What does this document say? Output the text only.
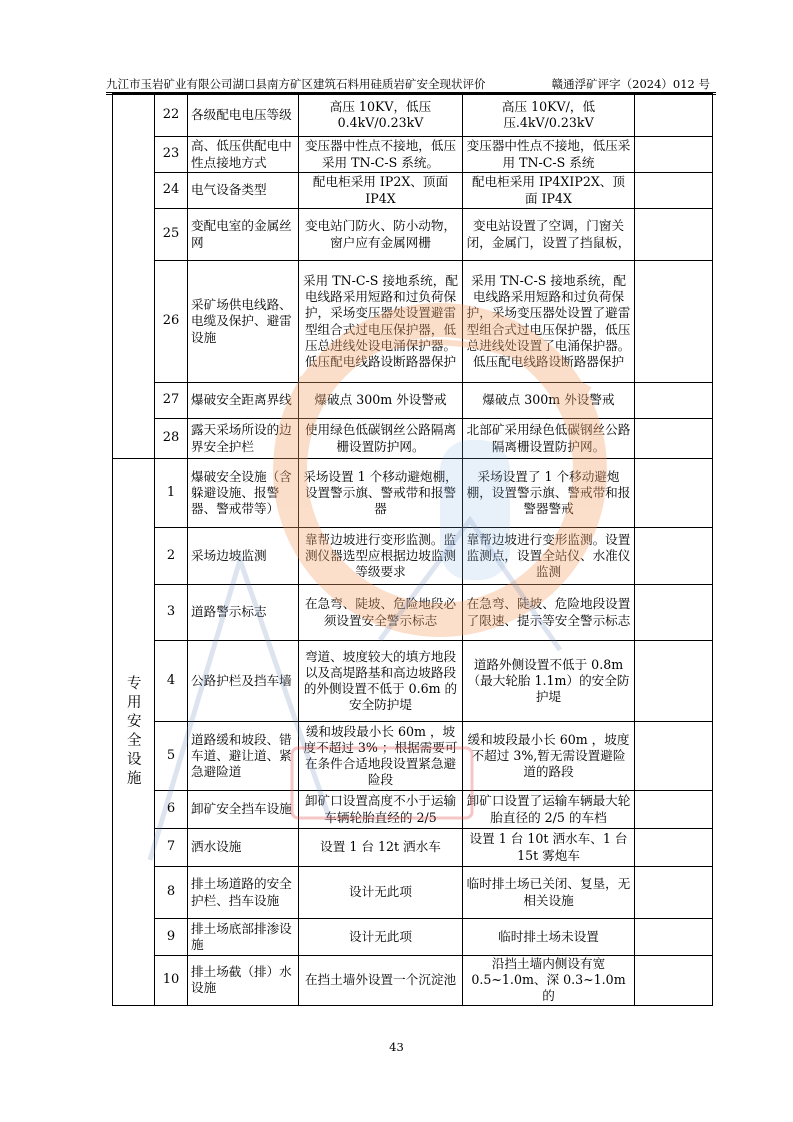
九江市玉岩矿业有限公司湖口县南方矿区建筑石料用硅质岩矿安全现状评价	赣通浮矿评字（2024）012 号
	22	各级配电电压等级	高压 10KV，低压 0.4kV/0.23kV	高压 10KV/，低压.4kV/0.23kV	
	23	高、低压供配电中性点接地方式	变压器中性点不接地，低压采用 TN-C-S 系统。	变压器中性点不接地，低压采用 TN-C-S 系统	
	24	电气设备类型	配电柜采用 IP2X、顶面 IP4X	配电柜采用 IP4XIP2X、顶面 IP4X	
	25	变配电室的金属丝网	变电站门防火、防小动物，窗户应有金属网栅	变电站设置了空调，门窗关闭，金属门，设置了挡鼠板，	
	26	采矿场供电线路、电缆及保护、避雷设施	采用 TN-C-S 接地系统，配电线路采用短路和过负荷保护，采场变压器处设置避雷型组合式过电压保护器，低压总进线处设电涌保护器。低压配电线路设断路器保护	采用 TN-C-S 接地系统，配电线路采用短路和过负荷保护，采场变压器处设置了避雷型组合式过电压保护器，低压总进线处设置了电涌保护器。低压配电线路设断路器保护	
	27	爆破安全距离界线	爆破点 300m 外设警戒	爆破点 300m 外设警戒	
	28	露天采场所设的边界安全护栏	使用绿色低碳钢丝公路隔离栅设置防护网。	北部矿采用绿色低碳钢丝公路隔离栅设置防护网。	

专用安全设施	1	爆破安全设施（含躲避设施、报警器、警戒带等）	采场设置 1 个移动避炮棚，设置警示旗、警戒带和报警器	采场设置了 1 个移动避炮棚，设置警示旗、警戒带和报警器警戒	
	2	采场边坡监测	靠帮边坡进行变形监测。监测仪器选型应根据边坡监测等级要求	靠帮边坡进行变形监测。设置监测点，设置全站仪、水准仪监测	
	3	道路警示标志	在急弯、陡坡、危险地段必须设置安全警示标志	在急弯、陡坡、危险地段设置了限速、提示等安全警示标志	
	4	公路护栏及挡车墙	弯道、坡度较大的填方地段以及高堤路基和高边坡路段的外侧设置不低于 0.6m 的安全防护堤	道路外侧设置不低于 0.8m（最大轮胎 1.1m）的安全防护堤	
	5	道路缓和坡段、错车道、避让道、紧急避险道	缓和坡段最小长 60m ，坡度不超过 3% ；根据需要可在条件合适地段设置紧急避险段	缓和坡段最小长 60m ，坡度不超过 3%,暂无需设置避险道的路段	
	6	卸矿安全挡车设施	卸矿口设置高度不小于运输车辆轮胎直经的 2/5	卸矿口设置了运输车辆最大轮胎直径的 2/5 的车档	
	7	洒水设施	设置 1 台 12t 洒水车	设置 1 台 10t 洒水车、1 台 15t 雾炮车	
	8	排土场道路的安全护栏、挡车设施	设计无此项	临时排土场已关闭、复垦，无相关设施	
	9	排土场底部排渗设施	设计无此项	临时排土场未设置	
	10	排土场截（排）水设施	在挡土墙外设置一个沉淀池	沿挡土墙内侧设有宽 0.5~1.0m、深 0.3~1.0m 的	
43
